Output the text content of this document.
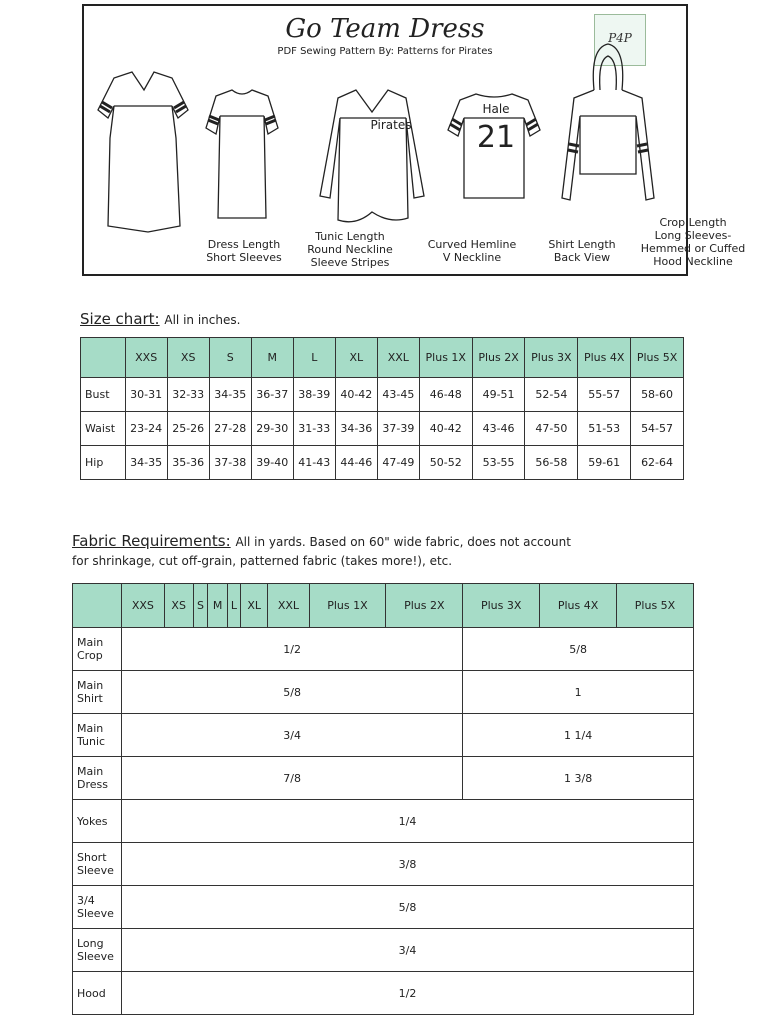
Go Team Dress
PDF Sewing Pattern By: Patterns for Pirates
P4P
Dress Length
Short Sleeves
Tunic Length
Round Neckline
Sleeve Stripes
Curved Hemline
V Neckline
Shirt Length
Back View
Crop Length
Long Sleeves-
Hemmed or Cuffed
Hood Neckline
Pirates
Hale
21
Size chart: All in inches.
	XXS	XS	S	M	L	XL	XXL	Plus 1X	Plus 2X	Plus 3X	Plus 4X	Plus 5X
Bust	30-31	32-33	34-35	36-37	38-39	40-42	43-45	46-48	49-51	52-54	55-57	58-60
Waist	23-24	25-26	27-28	29-30	31-33	34-36	37-39	40-42	43-46	47-50	51-53	54-57
Hip	34-35	35-36	37-38	39-40	41-43	44-46	47-49	50-52	53-55	56-58	59-61	62-64
Fabric Requirements: All in yards. Based on 60" wide fabric, does not account
for shrinkage, cut off-grain, patterned fabric (takes more!), etc.
	XXS	XS	S	M	L	XL	XXL	Plus 1X	Plus 2X	Plus 3X	Plus 4X	Plus 5X
Main Crop	1/2									5/8		
Main Shirt	5/8									1		
Main Tunic	3/4									1 1/4		
Main Dress	7/8									1 3/8		
Yokes	1/4											
Short Sleeve	3/8											
3/4 Sleeve	5/8											
Long Sleeve	3/4											
Hood	1/2											
